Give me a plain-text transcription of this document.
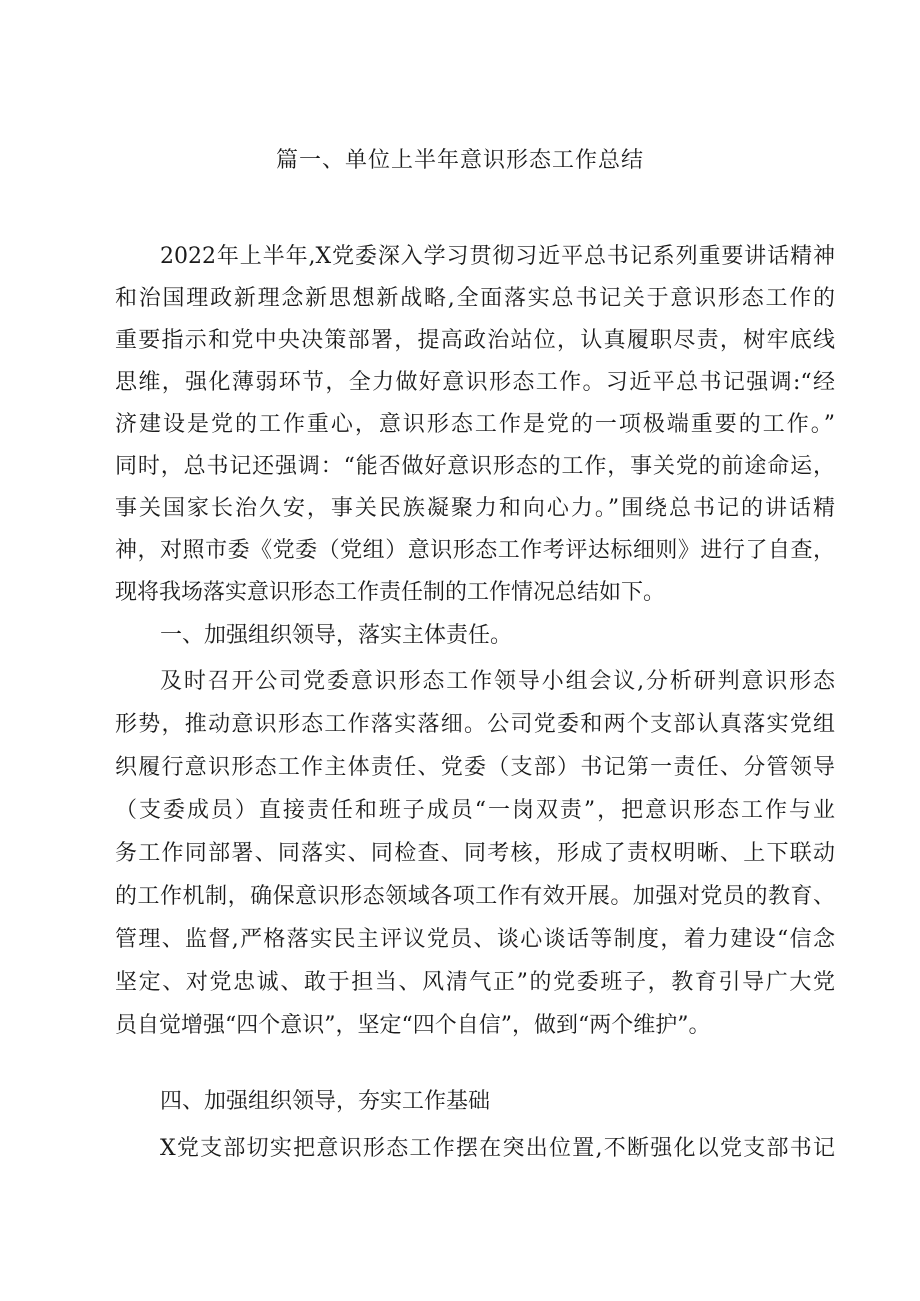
篇一、单位上半年意识形态工作总结
2022年上半年,X党委深入学习贯彻习近平总书记系列重要讲话精神
和治国理政新理念新思想新战略,全面落实总书记关于意识形态工作的
重要指示和党中央决策部署，提高政治站位，认真履职尽责，树牢底线
思维，强化薄弱环节，全力做好意识形态工作。习近平总书记强调:“经
济建设是党的工作重心，意识形态工作是党的一项极端重要的工作。”
同时，总书记还强调：“能否做好意识形态的工作，事关党的前途命运，
事关国家长治久安，事关民族凝聚力和向心力。”围绕总书记的讲话精
神，对照市委《党委（党组）意识形态工作考评达标细则》进行了自查，
现将我场落实意识形态工作责任制的工作情况总结如下。
一、加强组织领导，落实主体责任。
及时召开公司党委意识形态工作领导小组会议,分析研判意识形态
形势，推动意识形态工作落实落细。公司党委和两个支部认真落实党组
织履行意识形态工作主体责任、党委（支部）书记第一责任、分管领导
（支委成员）直接责任和班子成员“一岗双责”，把意识形态工作与业
务工作同部署、同落实、同检查、同考核，形成了责权明晰、上下联动
的工作机制，确保意识形态领域各项工作有效开展。加强对党员的教育、
管理、监督,严格落实民主评议党员、谈心谈话等制度，着力建设“信念
坚定、对党忠诚、敢于担当、风清气正”的党委班子，教育引导广大党
员自觉增强“四个意识”，坚定“四个自信”，做到“两个维护”。
四、加强组织领导，夯实工作基础
X党支部切实把意识形态工作摆在突出位置,不断强化以党支部书记
